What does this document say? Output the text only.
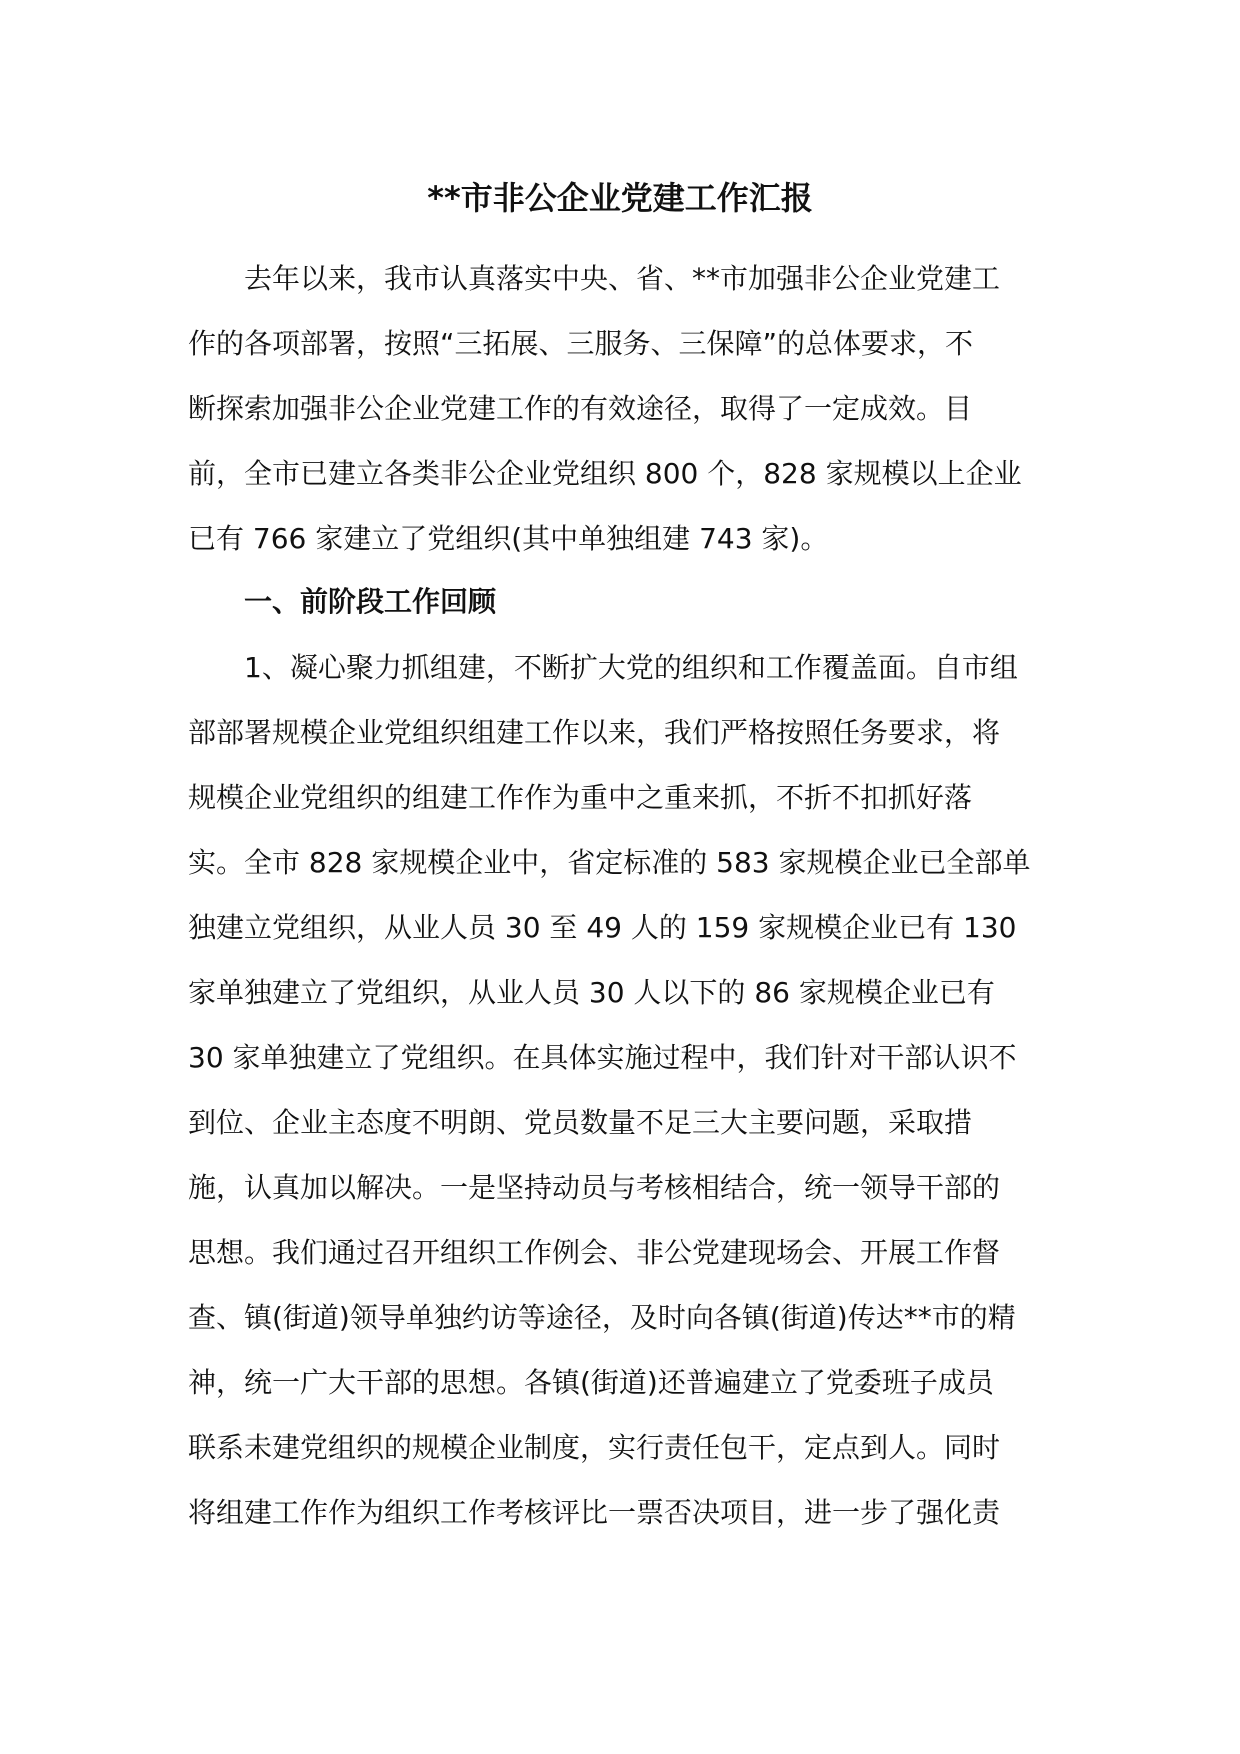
**市非公企业党建工作汇报
去年以来，我市认真落实中央、省、**市加强非公企业党建工
作的各项部署，按照“三拓展、三服务、三保障”的总体要求，不
断探索加强非公企业党建工作的有效途径，取得了一定成效。目
前，全市已建立各类非公企业党组织 800 个，828 家规模以上企业
已有 766 家建立了党组织(其中单独组建 743 家)。
一、前阶段工作回顾
1、凝心聚力抓组建，不断扩大党的组织和工作覆盖面。自市组
部部署规模企业党组织组建工作以来，我们严格按照任务要求，将
规模企业党组织的组建工作作为重中之重来抓，不折不扣抓好落
实。全市 828 家规模企业中，省定标准的 583 家规模企业已全部单
独建立党组织，从业人员 30 至 49 人的 159 家规模企业已有 130
家单独建立了党组织，从业人员 30 人以下的 86 家规模企业已有
30 家单独建立了党组织。在具体实施过程中，我们针对干部认识不
到位、企业主态度不明朗、党员数量不足三大主要问题，采取措
施，认真加以解决。一是坚持动员与考核相结合，统一领导干部的
思想。我们通过召开组织工作例会、非公党建现场会、开展工作督
查、镇(街道)领导单独约访等途径，及时向各镇(街道)传达**市的精
神，统一广大干部的思想。各镇(街道)还普遍建立了党委班子成员
联系未建党组织的规模企业制度，实行责任包干，定点到人。同时
将组建工作作为组织工作考核评比一票否决项目，进一步了强化责
